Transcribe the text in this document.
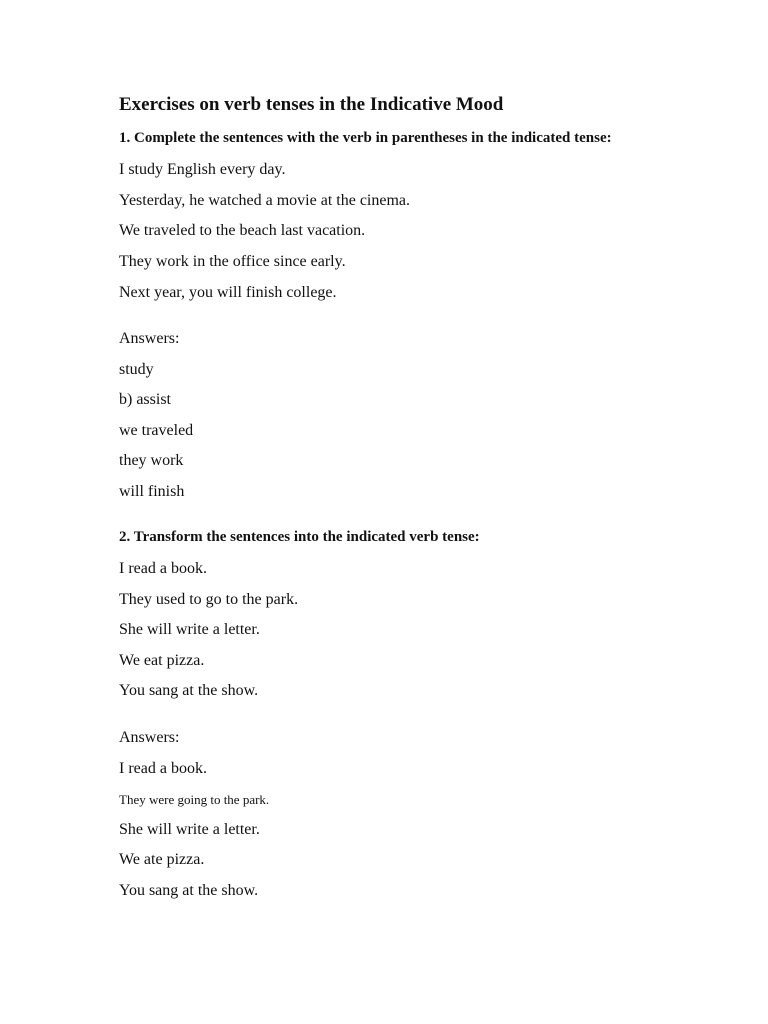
Exercises on verb tenses in the Indicative Mood

1. Complete the sentences with the verb in parentheses in the indicated tense:

I study English every day.

Yesterday, he watched a movie at the cinema.

We traveled to the beach last vacation.

They work in the office since early.

Next year, you will finish college.

Answers:

study

b) assist

we traveled

they work

will finish

2. Transform the sentences into the indicated verb tense:

I read a book.

They used to go to the park.

She will write a letter.

We eat pizza.

You sang at the show.

Answers:

I read a book.

They were going to the park.

She will write a letter.

We ate pizza.

You sang at the show.
